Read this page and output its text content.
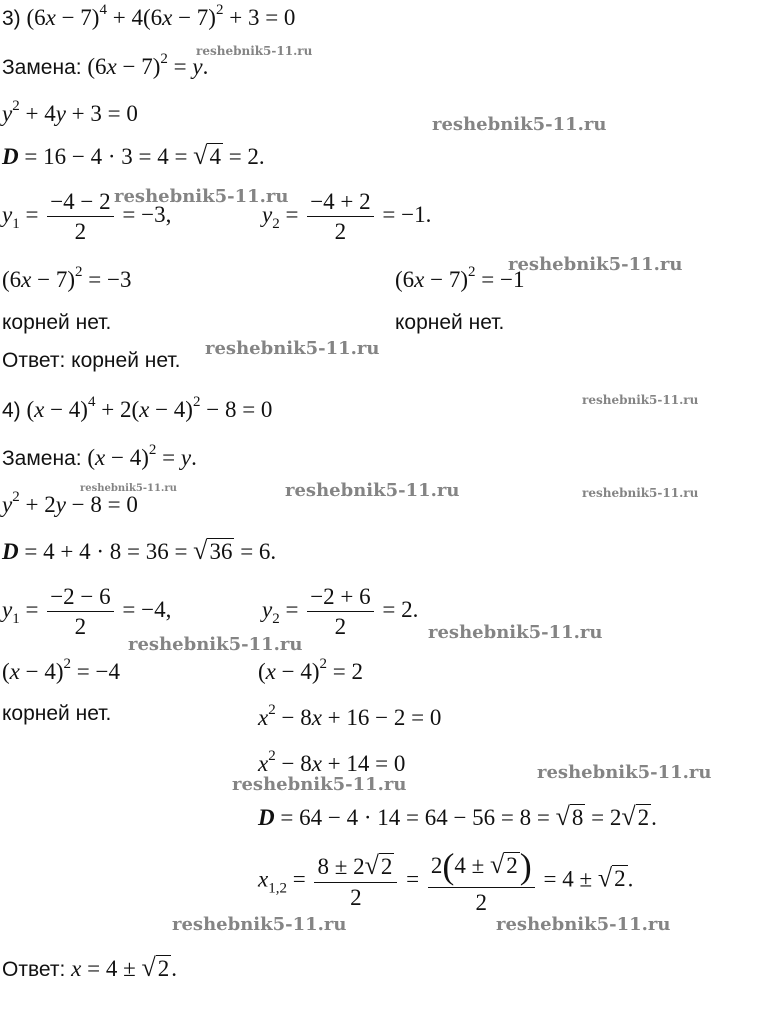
3) $(6x - 7)^4 + 4(6x - 7)^2 + 3 = 0$
Замена: $(6x - 7)^2 = y$.
$y^2 + 4y + 3 = 0$
D = 16 − 4 · 3 = 4 = √4 = 2.
$y_1 = \frac{-4 - 2}{2} = -3$,	$y_2 = \frac{-4 + 2}{2} = -1$.
$(6x - 7)^2 = -3$	$(6x - 7)^2 = -1$
корней нет.	корней нет.
Ответ: корней нет.
4) $(x - 4)^4 + 2(x - 4)^2 - 8 = 0$
Замена: $(x - 4)^2 = y$.
$y^2 + 2y - 8 = 0$
D = 4 + 4 · 8 = 36 = √36 = 6.
$y_1 = \frac{-2 - 6}{2} = -4$,	$y_2 = \frac{-2 + 6}{2} = 2$.
$(x - 4)^2 = -4$	$(x - 4)^2 = 2$
корней нет.	$x^2 - 8x + 16 - 2 = 0$
$x^2 - 8x + 14 = 0$
D = 64 − 4 · 14 = 64 − 56 = 8 = √8 = 2√2.
$x_{1,2} = \frac{8 \pm 2√2}{2} = \frac{2(4 \pm √2)}{2} = 4 \pm √2$.
Ответ: x = 4 ± √2.
reshebnik5-11.ru
reshebnik5-11.ru
reshebnik5-11.ru
reshebnik5-11.ru
reshebnik5-11.ru
reshebnik5-11.ru
reshebnik5-11.ru	reshebnik5-11.ru	reshebnik5-11.ru
reshebnik5-11.ru
reshebnik5-11.ru
reshebnik5-11.ru
reshebnik5-11.ru
reshebnik5-11.ru	reshebnik5-11.ru
